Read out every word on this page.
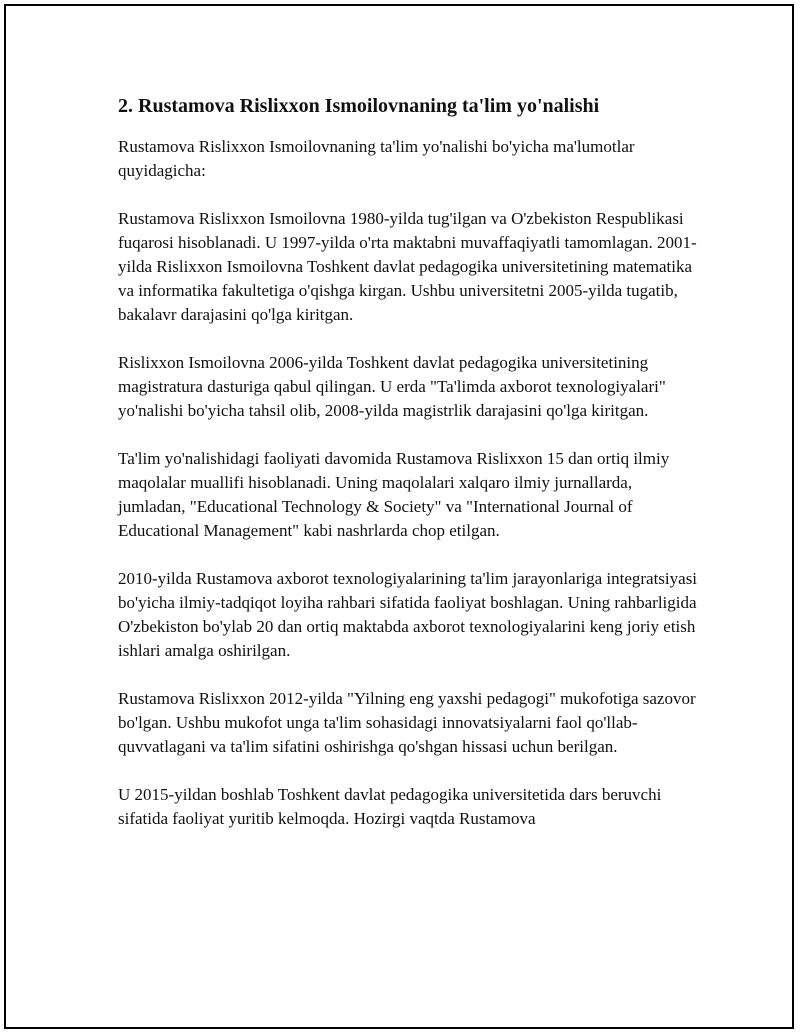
2. Rustamova Rislixxon Ismoilovnaning ta'lim yo'nalishi

Rustamova Rislixxon Ismoilovnaning ta'lim yo'nalishi bo'yicha ma'lumotlar quyidagicha:

Rustamova Rislixxon Ismoilovna 1980-yilda tug'ilgan va O'zbekiston Respublikasi fuqarosi hisoblanadi. U 1997-yilda o'rta maktabni muvaffaqiyatli tamomlagan. 2001-yilda Rislixxon Ismoilovna Toshkent davlat pedagogika universitetining matematika va informatika fakultetiga o'qishga kirgan. Ushbu universitetni 2005-yilda tugatib, bakalavr darajasini qo'lga kiritgan.

Rislixxon Ismoilovna 2006-yilda Toshkent davlat pedagogika universitetining magistratura dasturiga qabul qilingan. U erda "Ta'limda axborot texnologiyalari" yo'nalishi bo'yicha tahsil olib, 2008-yilda magistrlik darajasini qo'lga kiritgan.

Ta'lim yo'nalishidagi faoliyati davomida Rustamova Rislixxon 15 dan ortiq ilmiy maqolalar muallifi hisoblanadi. Uning maqolalari xalqaro ilmiy jurnallarda, jumladan, "Educational Technology & Society" va "International Journal of Educational Management" kabi nashrlarda chop etilgan.

2010-yilda Rustamova axborot texnologiyalarining ta'lim jarayonlariga integratsiyasi bo'yicha ilmiy-tadqiqot loyiha rahbari sifatida faoliyat boshlagan. Uning rahbarligida O'zbekiston bo'ylab 20 dan ortiq maktabda axborot texnologiyalarini keng joriy etish ishlari amalga oshirilgan.

Rustamova Rislixxon 2012-yilda "Yilning eng yaxshi pedagogi" mukofotiga sazovor bo'lgan. Ushbu mukofot unga ta'lim sohasidagi innovatsiyalarni faol qo'llab-quvvatlagani va ta'lim sifatini oshirishga qo'shgan hissasi uchun berilgan.

U 2015-yildan boshlab Toshkent davlat pedagogika universitetida dars beruvchi sifatida faoliyat yuritib kelmoqda. Hozirgi vaqtda Rustamova
